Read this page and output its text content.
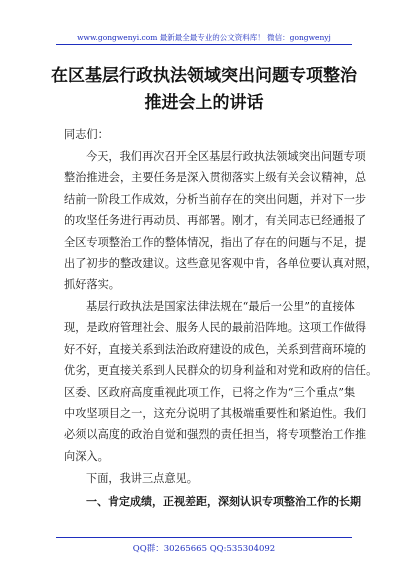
www.gongwenyi.com 最新最全最专业的公文资料库！ 微信：gongwenyj
在区基层行政执法领域突出问题专项整治
推进会上的讲话
同志们：
今天，我们再次召开全区基层行政执法领域突出问题专项
整治推进会，主要任务是深入贯彻落实上级有关会议精神，总
结前一阶段工作成效，分析当前存在的突出问题，并对下一步
的攻坚任务进行再动员、再部署。刚才，有关同志已经通报了
全区专项整治工作的整体情况，指出了存在的问题与不足，提
出了初步的整改建议。这些意见客观中肯，各单位要认真对照，
抓好落实。
基层行政执法是国家法律法规在“最后一公里”的直接体
现，是政府管理社会、服务人民的最前沿阵地。这项工作做得
好不好，直接关系到法治政府建设的成色，关系到营商环境的
优劣，更直接关系到人民群众的切身利益和对党和政府的信任。
区委、区政府高度重视此项工作，已将之作为“三个重点”集
中攻坚项目之一，这充分说明了其极端重要性和紧迫性。我们
必须以高度的政治自觉和强烈的责任担当，将专项整治工作推
向深入。
下面，我讲三点意见。
一、肯定成绩，正视差距，深刻认识专项整治工作的长期
QQ群：30265665 QQ:535304092
